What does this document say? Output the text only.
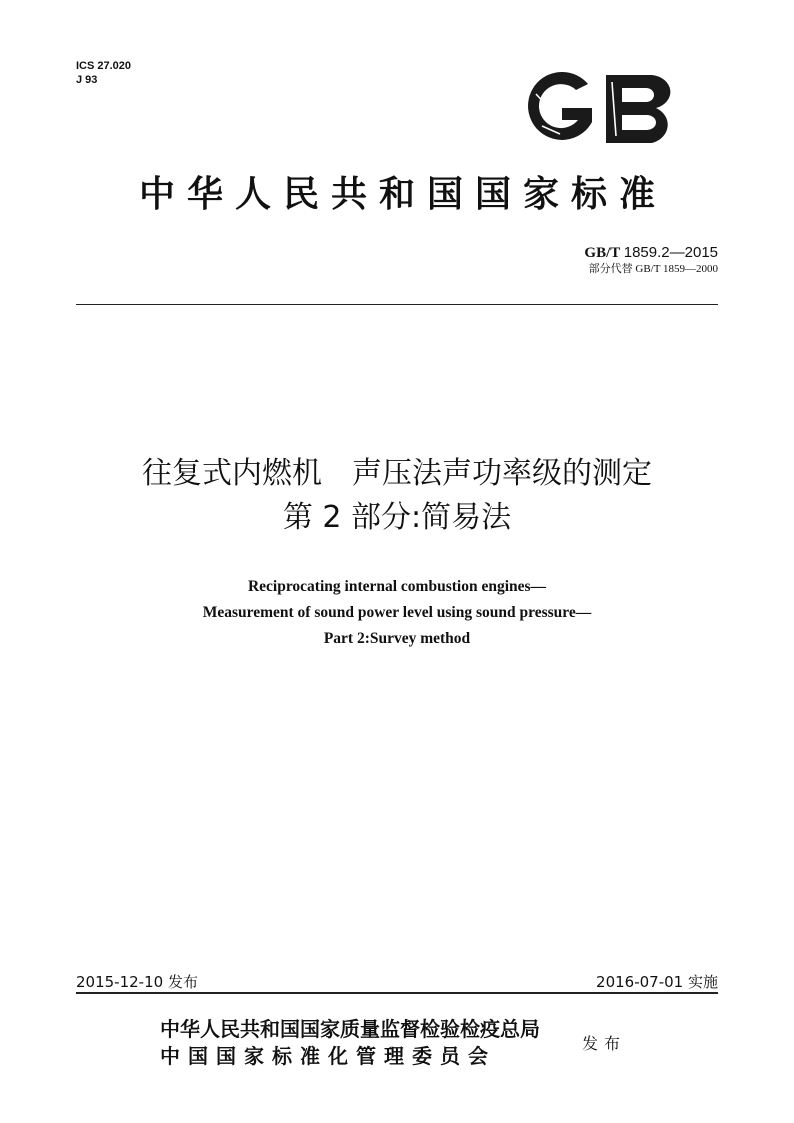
ICS 27.020
J 93
中华人民共和国国家标准
GB/T 1859.2—2015
部分代替 GB/T 1859—2000
往复式内燃机　声压法声功率级的测定
第 2 部分:简易法
Reciprocating internal combustion engines—
Measurement of sound power level using sound pressure—
Part 2:Survey method
2015-12-10 发布	2016-07-01 实施
中华人民共和国国家质量监督检验检疫总局
中国国家标准化管理委员会
发布
